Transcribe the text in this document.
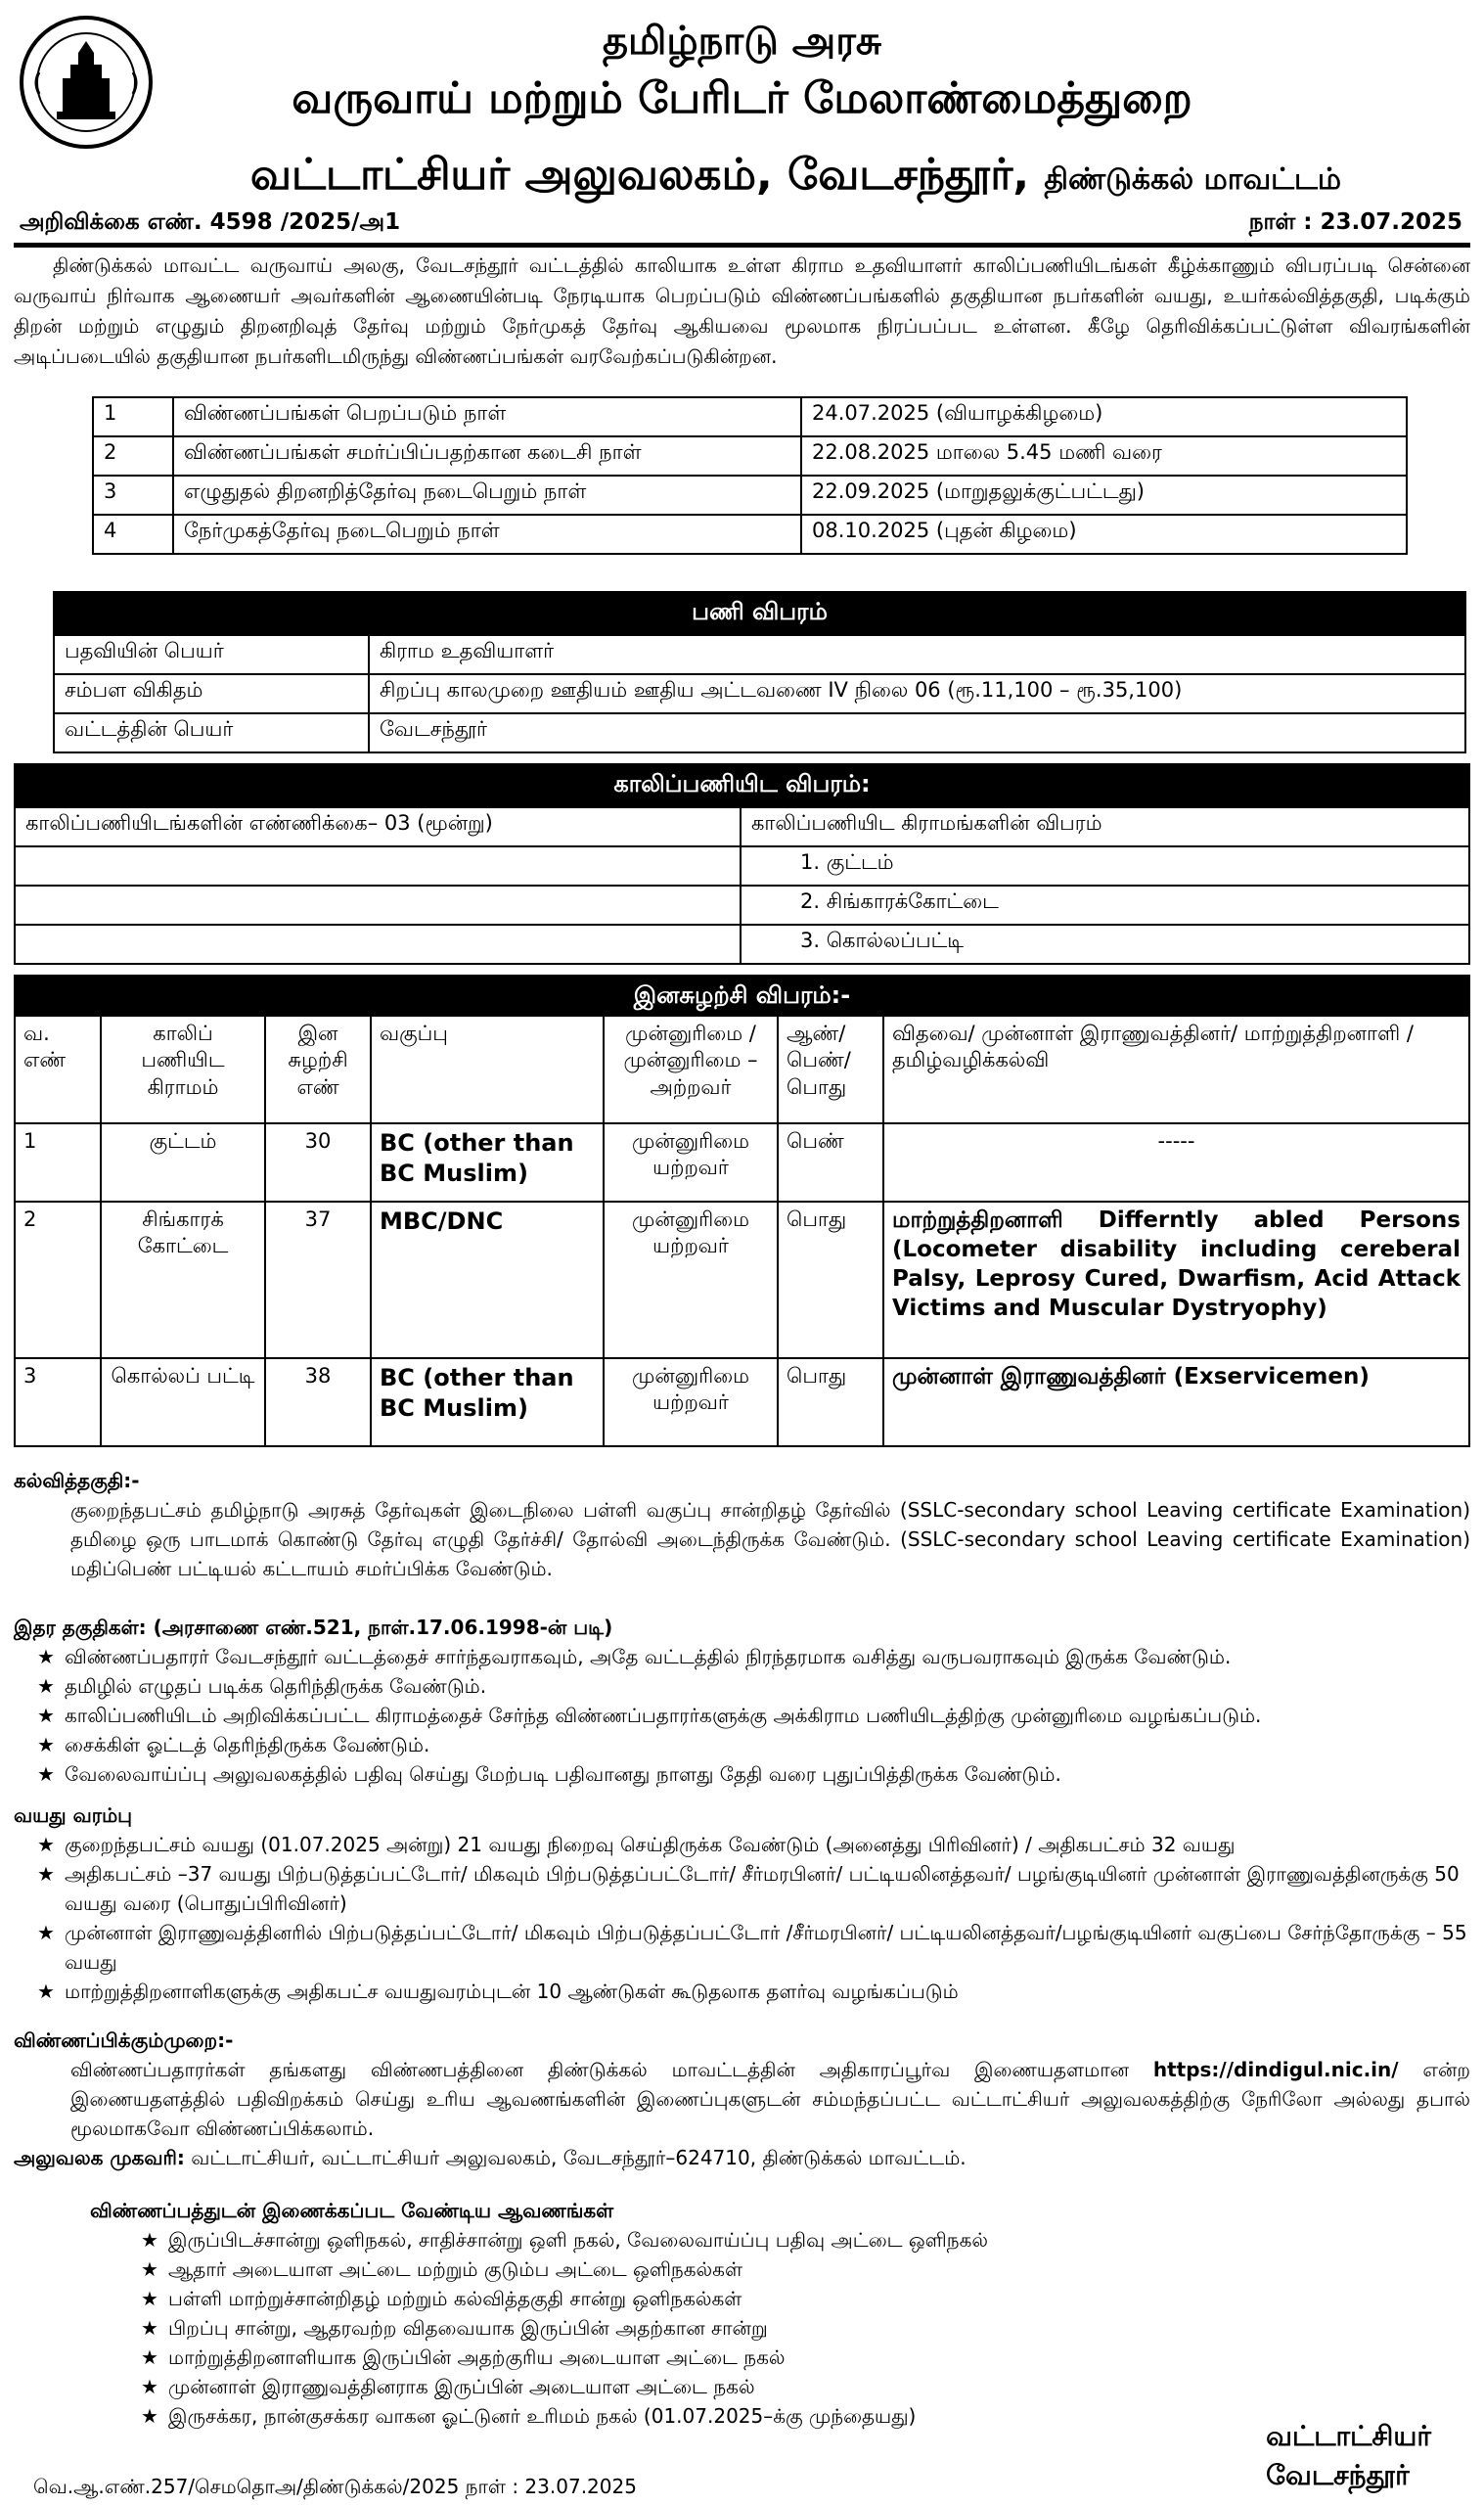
தமிழ்நாடு அரசு
வருவாய் மற்றும் பேரிடர் மேலாண்மைத்துறை
வட்டாட்சியர் அலுவலகம், வேடசந்தூர், திண்டுக்கல் மாவட்டம்
அறிவிக்கை எண். 4598 /2025/அ1	நாள் : 23.07.2025
திண்டுக்கல் மாவட்ட வருவாய் அலகு, வேடசந்தூர் வட்டத்தில் காலியாக உள்ள கிராம உதவியாளர் காலிப்பணியிடங்கள் கீழ்க்காணும் விபரப்படி சென்னை வருவாய் நிர்வாக ஆணையர் அவர்களின் ஆணையின்படி நேரடியாக பெறப்படும் விண்ணப்பங்களில் தகுதியான நபர்களின் வயது, உயர்கல்வித்தகுதி, படிக்கும் திறன் மற்றும் எழுதும் திறனறிவுத் தேர்வு மற்றும் நேர்முகத் தேர்வு ஆகியவை மூலமாக நிரப்பப்பட உள்ளன. கீழே தெரிவிக்கப்பட்டுள்ள விவரங்களின் அடிப்படையில் தகுதியான நபர்களிடமிருந்து விண்ணப்பங்கள் வரவேற்கப்படுகின்றன.
1	விண்ணப்பங்கள் பெறப்படும் நாள்	24.07.2025 (வியாழக்கிழமை)
2	விண்ணப்பங்கள் சமர்ப்பிப்பதற்கான கடைசி நாள்	22.08.2025 மாலை 5.45 மணி வரை
3	எழுதுதல் திறனறித்தேர்வு நடைபெறும் நாள்	22.09.2025 (மாறுதலுக்குட்பட்டது)
4	நேர்முகத்தேர்வு நடைபெறும் நாள்	08.10.2025 (புதன் கிழமை)
பணி விபரம்	
பதவியின் பெயர்	கிராம உதவியாளர்
சம்பள விகிதம்	சிறப்பு காலமுறை ஊதியம் ஊதிய அட்டவணை IV நிலை 06 (ரூ.11,100 – ரூ.35,100)
வட்டத்தின் பெயர்	வேடசந்தூர்
காலிப்பணியிட விபரம்:	
காலிப்பணியிடங்களின் எண்ணிக்கை– 03 (மூன்று)	காலிப்பணியிட கிராமங்களின் விபரம்
	1. குட்டம்
	2. சிங்காரக்கோட்டை
	3. கொல்லப்பட்டி
இனசுழற்சி விபரம்:-						
வ. எண்	காலிப் பணியிட கிராமம்	இன சுழற்சி எண்	வகுப்பு	முன்னுரிமை / முன்னுரிமை –அற்றவர்	ஆண்/ பெண்/ பொது	விதவை/ முன்னாள் இராணுவத்தினர்/ மாற்றுத்திறனாளி / தமிழ்வழிக்கல்வி
1	குட்டம்	30	BC (other than BC Muslim)	முன்னுரிமை யற்றவர்	பெண்	-----
2	சிங்காரக் கோட்டை	37	MBC/DNC	முன்னுரிமை யற்றவர்	பொது	மாற்றுத்திறனாளி Differntly abled Persons (Locometer disability including cereberal Palsy, Leprosy Cured, Dwarfism, Acid Attack Victims and Muscular Dystryophy)
3	கொல்லப் பட்டி	38	BC (other than BC Muslim)	முன்னுரிமை யற்றவர்	பொது	முன்னாள் இராணுவத்தினர் (Exservicemen)
கல்வித்தகுதி:-
குறைந்தபட்சம் தமிழ்நாடு அரசுத் தேர்வுகள் இடைநிலை பள்ளி வகுப்பு சான்றிதழ் தேர்வில் (SSLC-secondary school Leaving certificate Examination) தமிழை ஒரு பாடமாக் கொண்டு தேர்வு எழுதி தேர்ச்சி/ தோல்வி அடைந்திருக்க வேண்டும். (SSLC-secondary school Leaving certificate Examination) மதிப்பெண் பட்டியல் கட்டாயம் சமர்ப்பிக்க வேண்டும்.
இதர தகுதிகள்: (அரசாணை எண்.521, நாள்.17.06.1998-ன் படி)
★ விண்ணப்பதாரர் வேடசந்தூர் வட்டத்தைச் சார்ந்தவராகவும், அதே வட்டத்தில் நிரந்தரமாக வசித்து வருபவராகவும் இருக்க வேண்டும்.
★ தமிழில் எழுதப் படிக்க தெரிந்திருக்க வேண்டும்.
★ காலிப்பணியிடம் அறிவிக்கப்பட்ட கிராமத்தைச் சேர்ந்த விண்ணப்பதாரர்களுக்கு அக்கிராம பணியிடத்திற்கு முன்னுரிமை வழங்கப்படும்.
★ சைக்கிள் ஓட்டத் தெரிந்திருக்க வேண்டும்.
★ வேலைவாய்ப்பு அலுவலகத்தில் பதிவு செய்து மேற்படி பதிவானது நாளது தேதி வரை புதுப்பித்திருக்க வேண்டும்.
வயது வரம்பு
★ குறைந்தபட்சம் வயது (01.07.2025 அன்று) 21 வயது நிறைவு செய்திருக்க வேண்டும் (அனைத்து பிரிவினர்) / அதிகபட்சம் 32 வயது
★ அதிகபட்சம் –37 வயது பிற்படுத்தப்பட்டோர்/ மிகவும் பிற்படுத்தப்பட்டோர்/ சீர்மரபினர்/ பட்டியலினத்தவர்/ பழங்குடியினர் முன்னாள் இராணுவத்தினருக்கு 50 வயது வரை (பொதுப்பிரிவினர்)
★ முன்னாள் இராணுவத்தினரில் பிற்படுத்தப்பட்டோர்/ மிகவும் பிற்படுத்தப்பட்டோர் /சீர்மரபினர்/ பட்டியலினத்தவர்/பழங்குடியினர் வகுப்பை சேர்ந்தோருக்கு – 55 வயது
★ மாற்றுத்திறனாளிகளுக்கு அதிகபட்ச வயதுவரம்புடன் 10 ஆண்டுகள் கூடுதலாக தளர்வு வழங்கப்படும்
விண்ணப்பிக்கும்முறை:-
விண்ணப்பதாரர்கள் தங்களது விண்ணபத்தினை திண்டுக்கல் மாவட்டத்தின் அதிகாரப்பூர்வ இணையதளமான https://dindigul.nic.in/ என்ற இணையதளத்தில் பதிவிறக்கம் செய்து உரிய ஆவணங்களின் இணைப்புகளுடன் சம்மந்தப்பட்ட வட்டாட்சியர் அலுவலகத்திற்கு நேரிலோ அல்லது தபால் மூலமாகவோ விண்ணப்பிக்கலாம்.
அலுவலக முகவரி: வட்டாட்சியர், வட்டாட்சியர் அலுவலகம், வேடசந்தூர்–624710, திண்டுக்கல் மாவட்டம்.
விண்ணப்பத்துடன் இணைக்கப்பட வேண்டிய ஆவணங்கள்
★ இருப்பிடச்சான்று ஒளிநகல், சாதிச்சான்று ஒளி நகல், வேலைவாய்ப்பு பதிவு அட்டை ஒளிநகல்
★ ஆதார் அடையாள அட்டை மற்றும் குடும்ப அட்டை ஒளிநகல்கள்
★ பள்ளி மாற்றுச்சான்றிதழ் மற்றும் கல்வித்தகுதி சான்று ஒளிநகல்கள்
★ பிறப்பு சான்று, ஆதரவற்ற விதவையாக இருப்பின் அதற்கான சான்று
★ மாற்றுத்திறனாளியாக இருப்பின் அதற்குரிய அடையாள அட்டை நகல்
★ முன்னாள் இராணுவத்தினராக இருப்பின் அடையாள அட்டை நகல்
★ இருசக்கர, நான்குசக்கர வாகன ஓட்டுனர் உரிமம் நகல் (01.07.2025–க்கு முந்தையது)
வட்டாட்சியர்
வேடசந்தூர்
வெ.ஆ.எண்.257/செமதொஅ/திண்டுக்கல்/2025 நாள் : 23.07.2025
